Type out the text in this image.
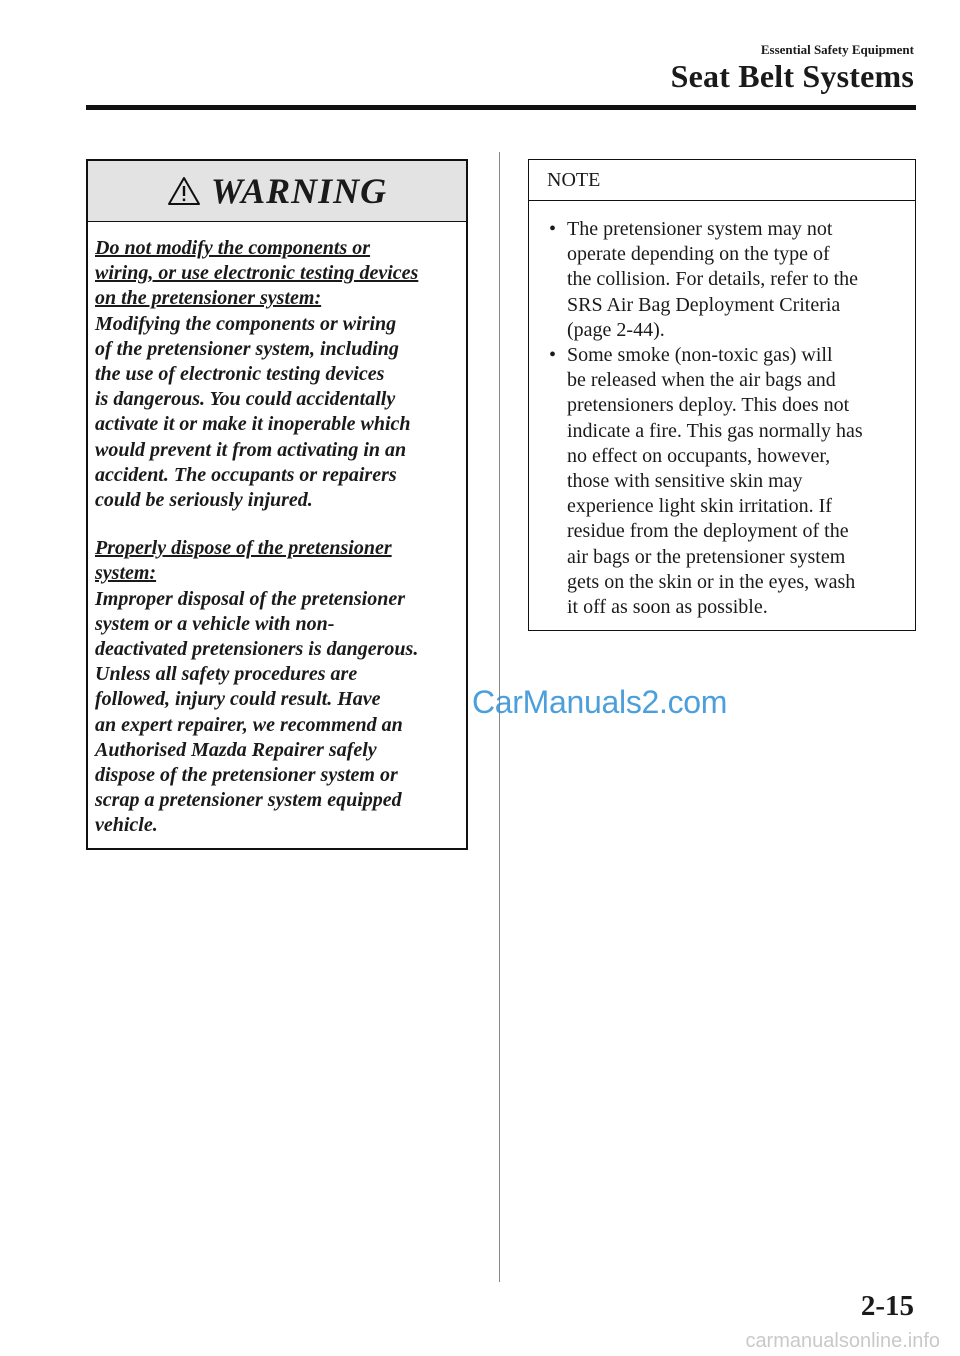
Essential Safety Equipment
Seat Belt Systems
WARNING

Do not modify the components or

wiring, or use electronic testing devices

on the pretensioner system:

Modifying the components or wiring

of the pretensioner system, including

the use of electronic testing devices

is dangerous. You could accidentally

activate it or make it inoperable which

would prevent it from activating in an

accident. The occupants or repairers

could be seriously injured.

Properly dispose of the pretensioner

system:

Improper disposal of the pretensioner

system or a vehicle with non-

deactivated pretensioners is dangerous.

Unless all safety procedures are

followed, injury could result. Have

an expert repairer, we recommend an

Authorised Mazda Repairer safely

dispose of the pretensioner system or

scrap a pretensioner system equipped

vehicle.

NOTE
• The pretensioner system may not
operate depending on the type of
the collision. For details, refer to the
SRS Air Bag Deployment Criteria
(page 2-44).
• Some smoke (non-toxic gas) will
be released when the air bags and
pretensioners deploy. This does not
indicate a fire. This gas normally has
no effect on occupants, however,
those with sensitive skin may
experience light skin irritation. If
residue from the deployment of the
air bags or the pretensioner system
gets on the skin or in the eyes, wash
it off as soon as possible.
CarManuals2.com
2-15
carmanualsonline.info
